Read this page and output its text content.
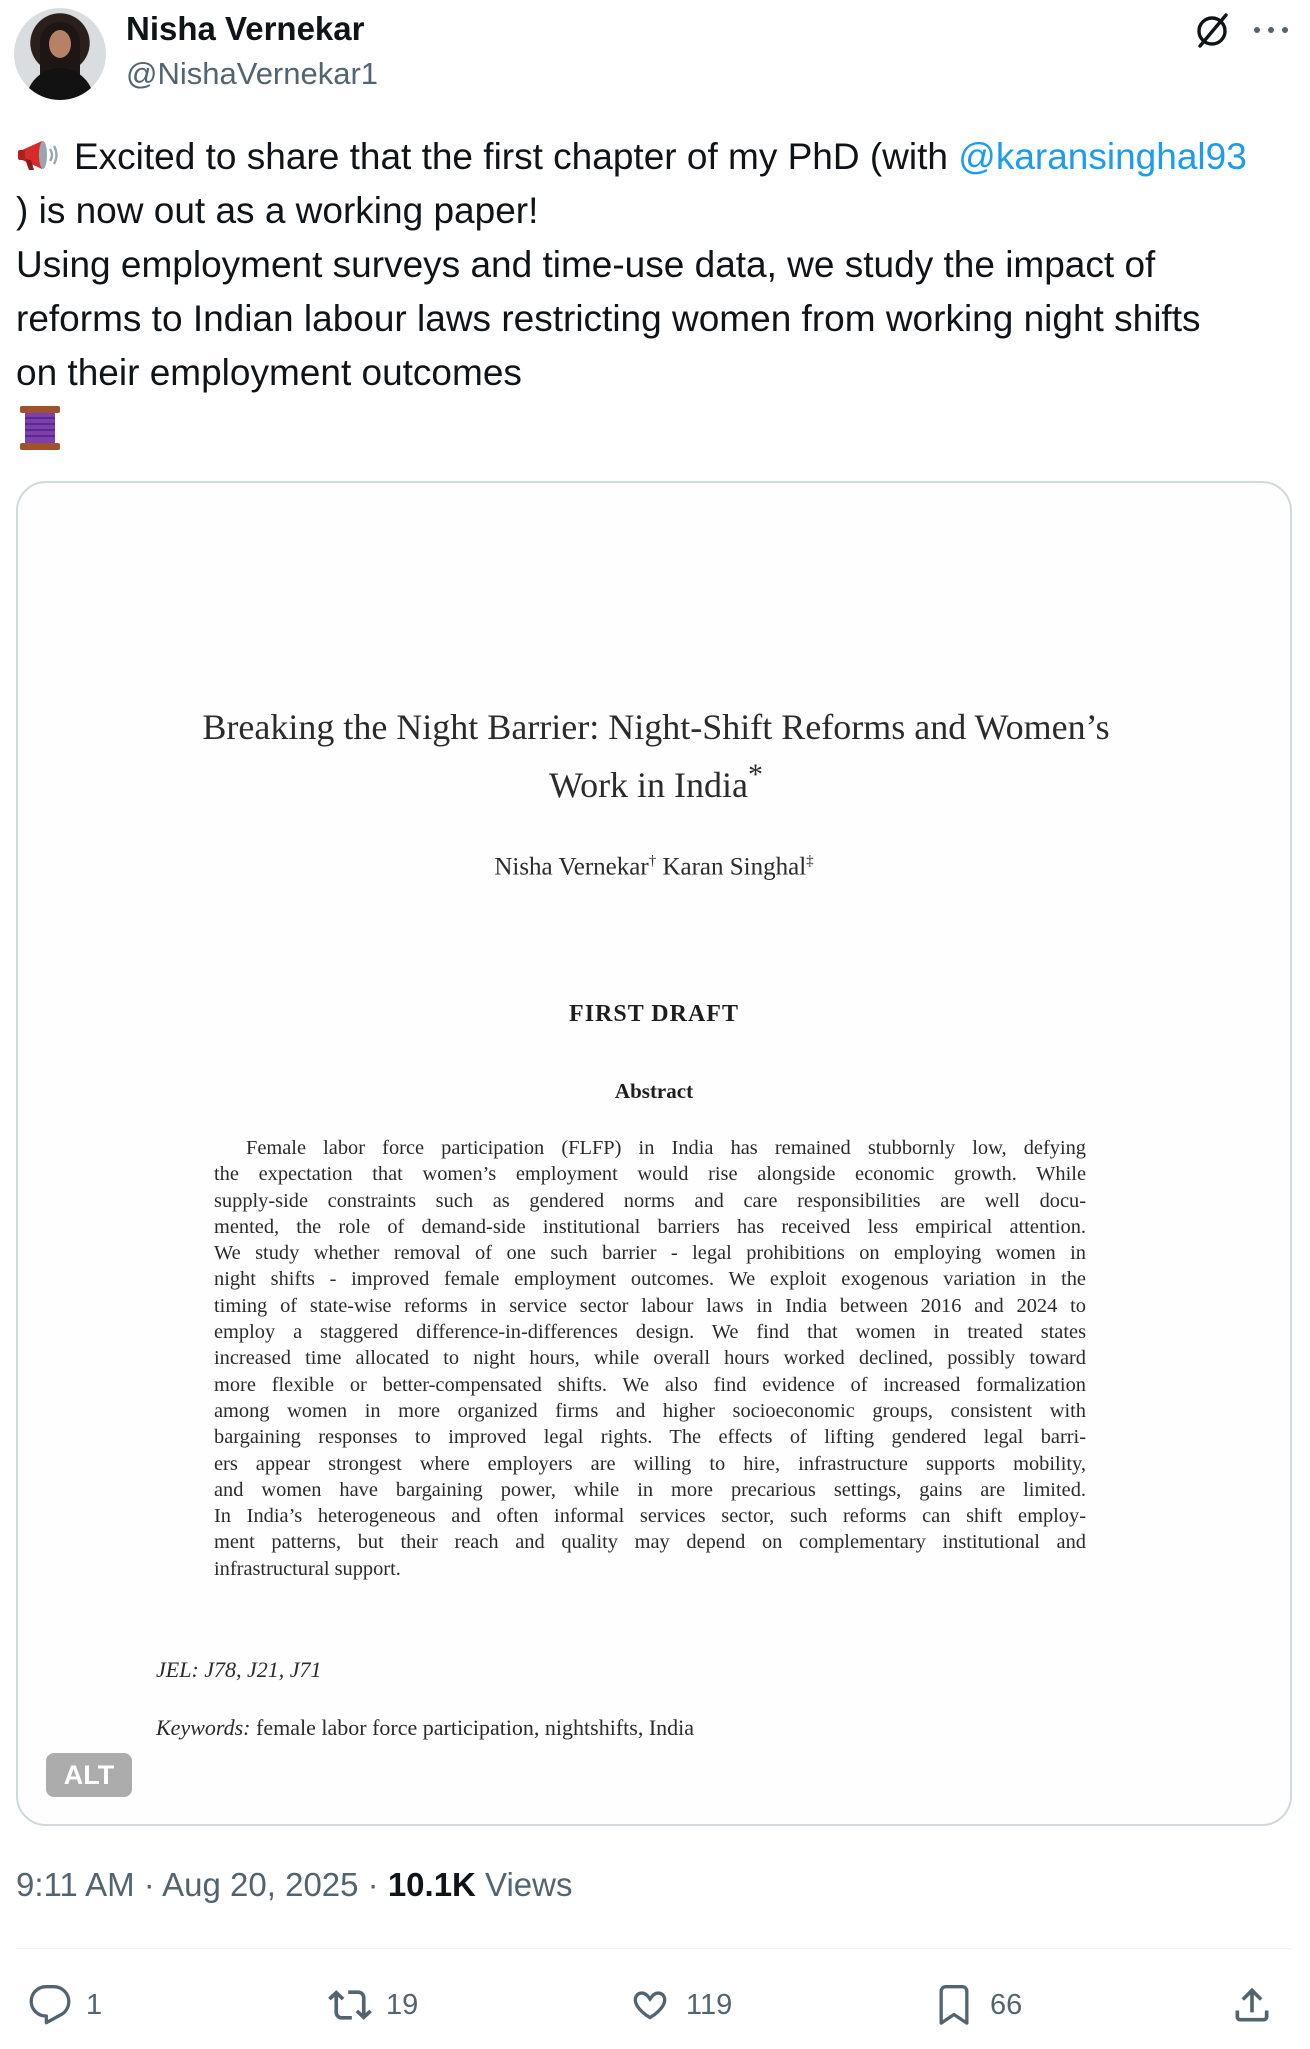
Nisha Vernekar
@NishaVernekar1
Excited to share that the first chapter of my PhD (with @karansinghal93
) is now out as a working paper!
Using employment surveys and time-use data, we study the impact of
reforms to Indian labour laws restricting women from working night shifts
on their employment outcomes
Breaking the Night Barrier: Night-Shift Reforms and Women’s
Work in India*
Nisha Vernekar† Karan Singhal‡
FIRST DRAFT
Abstract
Female labor force participation (FLFP) in India has remained stubbornly low, defying
the expectation that women’s employment would rise alongside economic growth. While
supply-side constraints such as gendered norms and care responsibilities are well docu-
mented, the role of demand-side institutional barriers has received less empirical attention.
We study whether removal of one such barrier - legal prohibitions on employing women in
night shifts - improved female employment outcomes. We exploit exogenous variation in the
timing of state-wise reforms in service sector labour laws in India between 2016 and 2024 to
employ a staggered difference-in-differences design. We find that women in treated states
increased time allocated to night hours, while overall hours worked declined, possibly toward
more flexible or better-compensated shifts. We also find evidence of increased formalization
among women in more organized firms and higher socioeconomic groups, consistent with
bargaining responses to improved legal rights. The effects of lifting gendered legal barri-
ers appear strongest where employers are willing to hire, infrastructure supports mobility,
and women have bargaining power, while in more precarious settings, gains are limited.
In India’s heterogeneous and often informal services sector, such reforms can shift employ-
ment patterns, but their reach and quality may depend on complementary institutional and
infrastructural support.
JEL: J78, J21, J71
Keywords: female labor force participation, nightshifts, India
ALT
9:11 AM · Aug 20, 2025 · 10.1K Views
1	19	119	66
